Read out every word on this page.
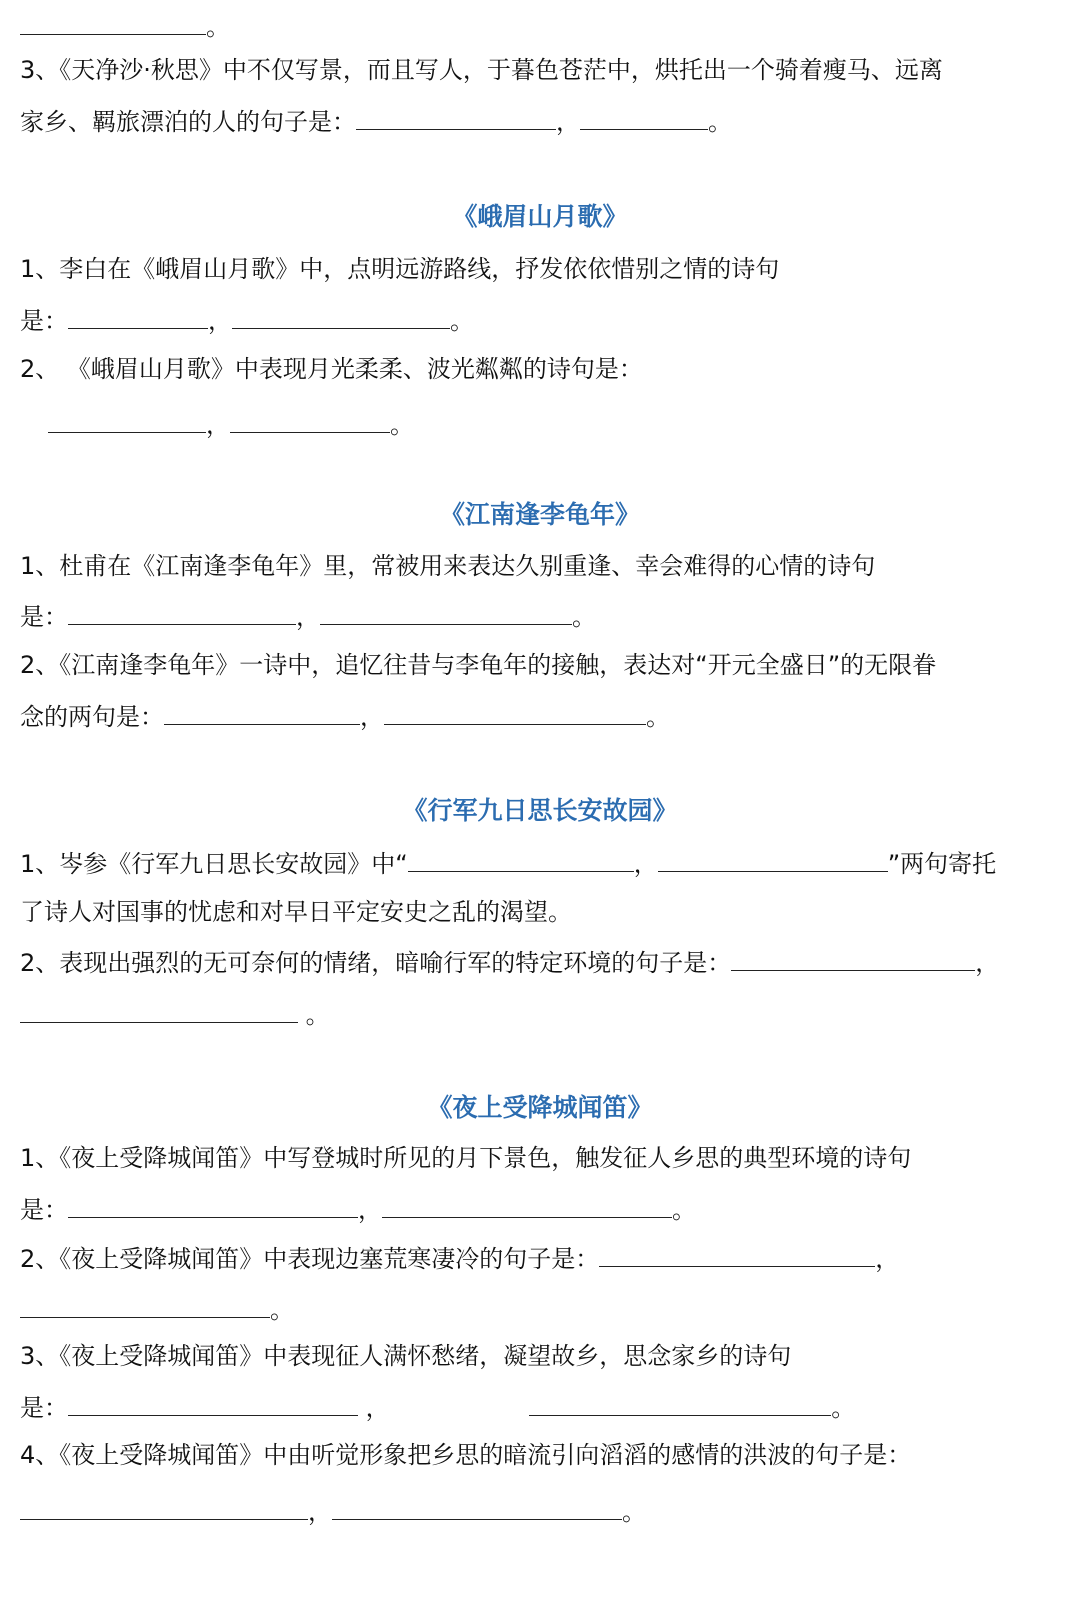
。
3、《天净沙·秋思》中不仅写景，而且写人，于暮色苍茫中，烘托出一个骑着瘦马、远离
家乡、羁旅漂泊的人的句子是：	，	。
《峨眉山月歌》
1、李白在《峨眉山月歌》中，点明远游路线，抒发依依惜别之情的诗句
是：	，	。
2、 《峨眉山月歌》中表现月光柔柔、波光粼粼的诗句是：
，	。
《江南逢李龟年》
1、杜甫在《江南逢李龟年》里，常被用来表达久别重逢、幸会难得的心情的诗句
是：	，	。
2、《江南逢李龟年》一诗中，追忆往昔与李龟年的接触，表达对“开元全盛日”的无限眷
念的两句是：	，	。
《行军九日思长安故园》
1、岑参《行军九日思长安故园》中“	，	”两句寄托
了诗人对国事的忧虑和对早日平定安史之乱的渴望。
2、表现出强烈的无可奈何的情绪，暗喻行军的特定环境的句子是：	，
。
《夜上受降城闻笛》
1、《夜上受降城闻笛》中写登城时所见的月下景色，触发征人乡思的典型环境的诗句
是：	，	。
2、《夜上受降城闻笛》中表现边塞荒寒凄冷的句子是：	，
。
3、《夜上受降城闻笛》中表现征人满怀愁绪，凝望故乡，思念家乡的诗句
是：	，	。
4、《夜上受降城闻笛》中由听觉形象把乡思的暗流引向滔滔的感情的洪波的句子是：
，	。
